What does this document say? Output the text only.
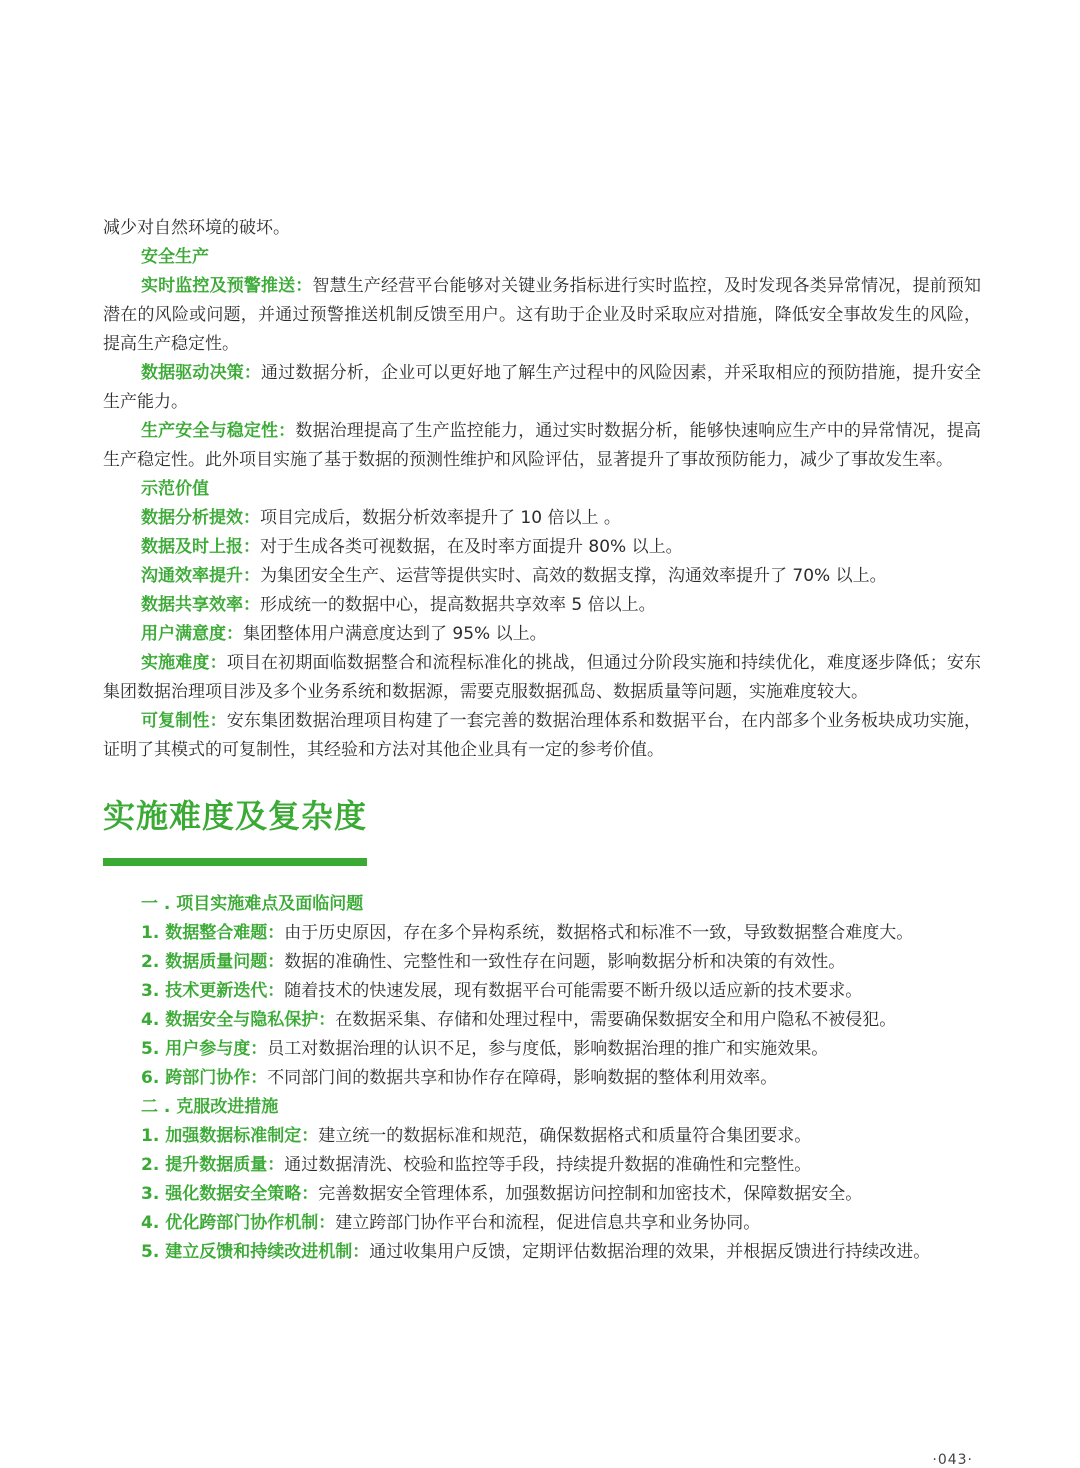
减少对自然环境的破坏。

安全生产

实时监控及预警推送：智慧生产经营平台能够对关键业务指标进行实时监控，及时发现各类异常情况，提前预知潜在的风险或问题，并通过预警推送机制反馈至用户。这有助于企业及时采取应对措施，降低安全事故发生的风险，提高生产稳定性。

数据驱动决策：通过数据分析，企业可以更好地了解生产过程中的风险因素，并采取相应的预防措施，提升安全生产能力。

生产安全与稳定性：数据治理提高了生产监控能力，通过实时数据分析，能够快速响应生产中的异常情况，提高生产稳定性。此外项目实施了基于数据的预测性维护和风险评估，显著提升了事故预防能力，减少了事故发生率。

示范价值

数据分析提效：项目完成后，数据分析效率提升了 10 倍以上 。

数据及时上报：对于生成各类可视数据，在及时率方面提升 80% 以上。

沟通效率提升：为集团安全生产、运营等提供实时、高效的数据支撑，沟通效率提升了 70% 以上。

数据共享效率：形成统一的数据中心，提高数据共享效率 5 倍以上。

用户满意度：集团整体用户满意度达到了 95% 以上。

实施难度：项目在初期面临数据整合和流程标准化的挑战，但通过分阶段实施和持续优化，难度逐步降低；安东集团数据治理项目涉及多个业务系统和数据源，需要克服数据孤岛、数据质量等问题，实施难度较大。

可复制性：安东集团数据治理项目构建了一套完善的数据治理体系和数据平台，在内部多个业务板块成功实施，证明了其模式的可复制性，其经验和方法对其他企业具有一定的参考价值。

实施难度及复杂度

一 . 项目实施难点及面临问题

1. 数据整合难题：由于历史原因，存在多个异构系统，数据格式和标准不一致，导致数据整合难度大。

2. 数据质量问题：数据的准确性、完整性和一致性存在问题，影响数据分析和决策的有效性。

3. 技术更新迭代：随着技术的快速发展，现有数据平台可能需要不断升级以适应新的技术要求。

4. 数据安全与隐私保护：在数据采集、存储和处理过程中，需要确保数据安全和用户隐私不被侵犯。

5. 用户参与度：员工对数据治理的认识不足，参与度低，影响数据治理的推广和实施效果。

6. 跨部门协作：不同部门间的数据共享和协作存在障碍，影响数据的整体利用效率。

二 . 克服改进措施

1. 加强数据标准制定：建立统一的数据标准和规范，确保数据格式和质量符合集团要求。

2. 提升数据质量：通过数据清洗、校验和监控等手段，持续提升数据的准确性和完整性。

3. 强化数据安全策略：完善数据安全管理体系，加强数据访问控制和加密技术，保障数据安全。

4. 优化跨部门协作机制：建立跨部门协作平台和流程，促进信息共享和业务协同。

5. 建立反馈和持续改进机制：通过收集用户反馈，定期评估数据治理的效果，并根据反馈进行持续改进。

·043·
